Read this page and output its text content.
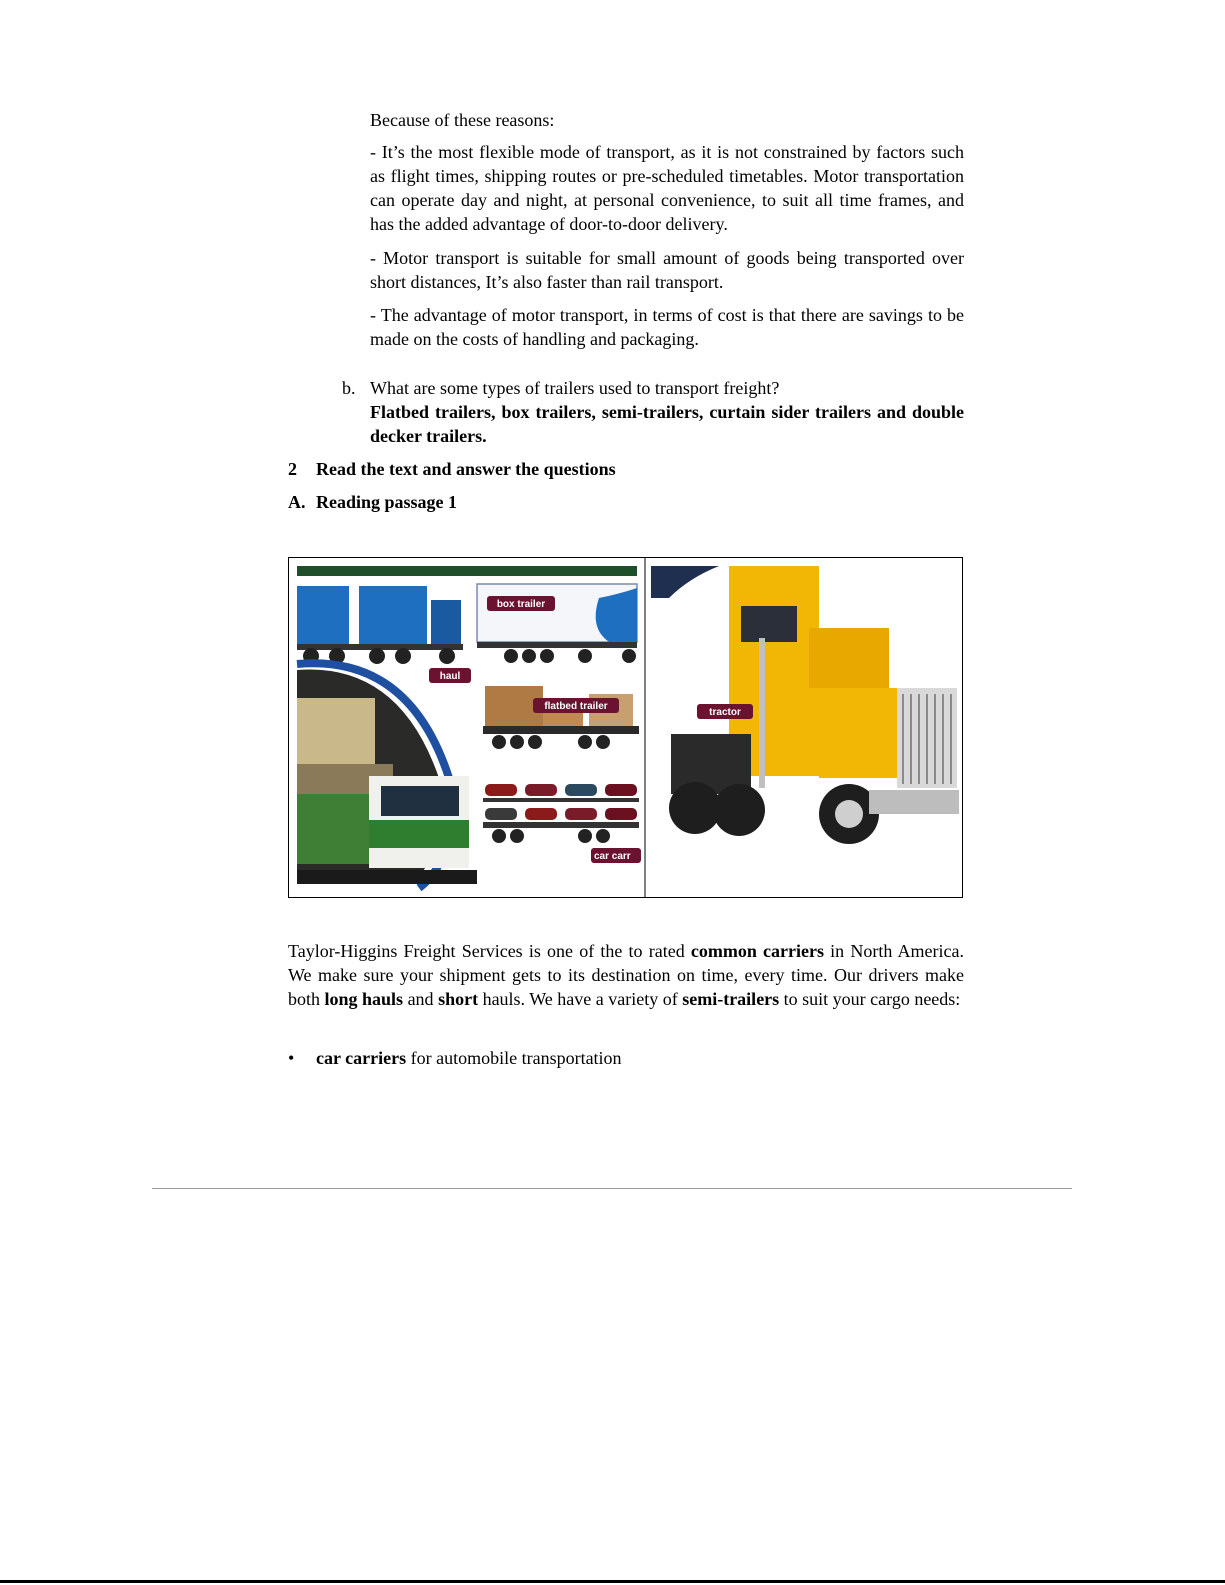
Because of these reasons:

- It’s the most flexible mode of transport, as it is not constrained by factors such as flight times, shipping routes or pre-scheduled timetables. Motor transportation can operate day and night, at personal convenience, to suit all time frames, and has the added advantage of door-to-door delivery.

- Motor transport is suitable for small amount of goods being transported over short distances, It’s also faster than rail transport.

- The advantage of motor transport, in terms of cost is that there are savings to be made on the costs of handling and packaging.

b. What are some types of trailers used to transport freight?
Flatbed trailers, box trailers, semi-trailers, curtain sider trailers and double decker trailers.
2 Read the text and answer the questions
A. Reading passage 1
box trailer
haul
flatbed trailer
car carr
tractor

Taylor-Higgins Freight Services is one of the to rated common carriers in North America. We make sure your shipment gets to its destination on time, every time. Our drivers make both long hauls and short hauls. We have a variety of semi-trailers to suit your cargo needs:

• car carriers for automobile transportation
